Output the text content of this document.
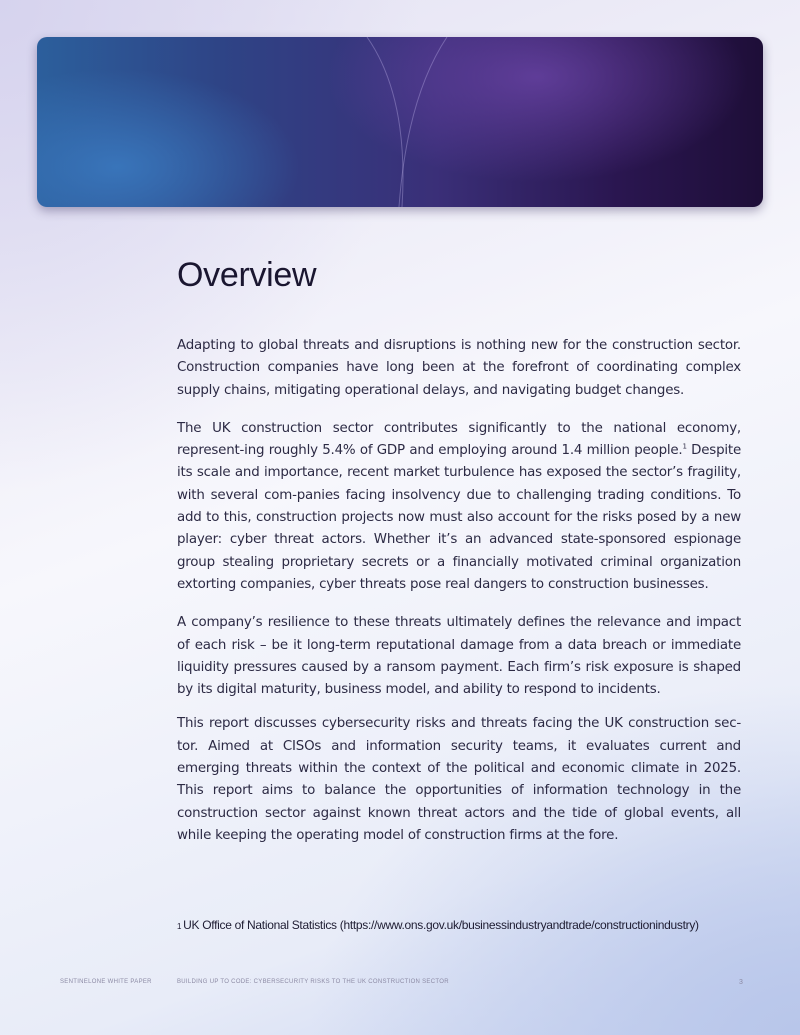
Overview

Adapting to global threats and disruptions is nothing new for the construction sector. Construction companies have long been at the forefront of coordinating complex supply chains, mitigating operational delays, and navigating budget changes.

The UK construction sector contributes significantly to the national economy, represent-ing roughly 5.4% of GDP and employing around 1.4 million people.$^1$ Despite its scale and importance, recent market turbulence has exposed the sector’s fragility, with several com-panies facing insolvency due to challenging trading conditions. To add to this, construction projects now must also account for the risks posed by a new player: cyber threat actors. Whether it’s an advanced state-sponsored espionage group stealing proprietary secrets or a financially motivated criminal organization extorting companies, cyber threats pose real dangers to construction businesses.

A company’s resilience to these threats ultimately defines the relevance and impact of each risk – be it long-term reputational damage from a data breach or immediate liquidity pressures caused by a ransom payment. Each firm’s risk exposure is shaped by its digital maturity, business model, and ability to respond to incidents.

This report discusses cybersecurity risks and threats facing the UK construction sec-tor. Aimed at CISOs and information security teams, it evaluates current and emerging threats within the context of the political and economic climate in 2025. This report aims to balance the opportunities of information technology in the construction sector against known threat actors and the tide of global events, all while keeping the operating model of construction firms at the fore.

1 UK Office of National Statistics (https://www.ons.gov.uk/businessindustryandtrade/constructionindustry)
SENTINELONE WHITE PAPER	BUILDING UP TO CODE: CYBERSECURITY RISKS TO THE UK CONSTRUCTION SECTOR	3
